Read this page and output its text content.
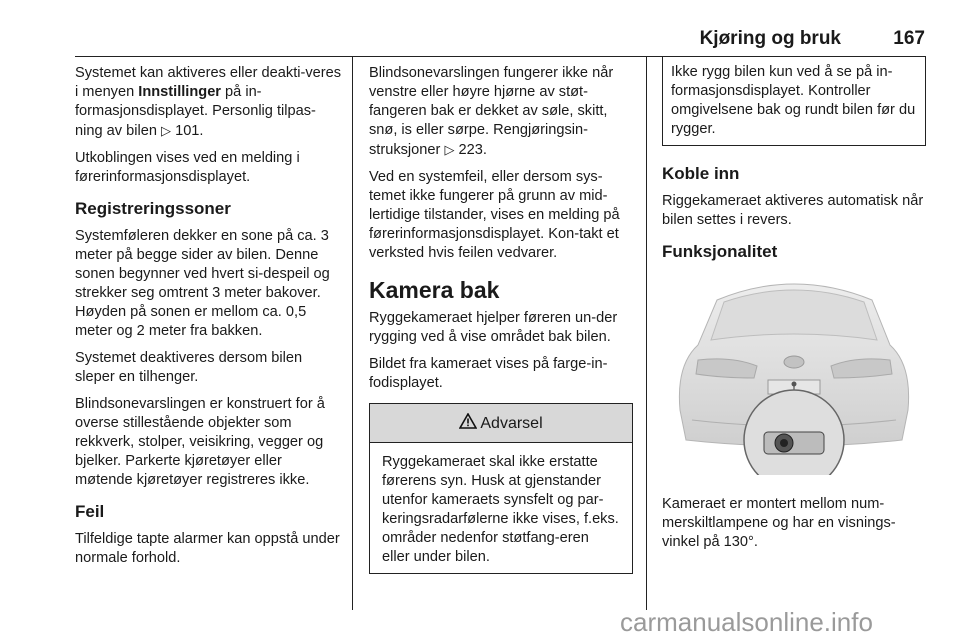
Kjøring og bruk	167

Systemet kan aktiveres eller deakti-veres i menyen Innstillinger på in-formasjonsdisplayet. Personlig tilpas-ning av bilen ▷ 101.

Utkoblingen vises ved en melding i førerinformasjonsdisplayet.

Registreringssoner

Systemføleren dekker en sone på ca. 3 meter på begge sider av bilen. Denne sonen begynner ved hvert si-despeil og strekker seg omtrent 3 meter bakover. Høyden på sonen er mellom ca. 0,5 meter og 2 meter fra bakken.

Systemet deaktiveres dersom bilen sleper en tilhenger.

Blindsonevarslingen er konstruert for å overse stillestående objekter som rekkverk, stolper, veisikring, vegger og bjelker. Parkerte kjøretøyer eller møtende kjøretøyer registreres ikke.

Feil

Tilfeldige tapte alarmer kan oppstå under normale forhold.

Blindsonevarslingen fungerer ikke når venstre eller høyre hjørne av støt-fangeren bak er dekket av søle, skitt, snø, is eller sørpe. Rengjøringsin-struksjoner ▷ 223.

Ved en systemfeil, eller dersom sys-temet ikke fungerer på grunn av mid-lertidige tilstander, vises en melding på førerinformasjonsdisplayet. Kon-takt et verksted hvis feilen vedvarer.

Kamera bak

Ryggekameraet hjelper føreren un-der rygging ved å vise området bak bilen.

Bildet fra kameraet vises på farge-in-fodisplayet.

Advarsel
Ryggekameraet skal ikke erstatte førerens syn. Husk at gjenstander utenfor kameraets synsfelt og par-keringsradarfølerne ikke vises, f.eks. områder nedenfor støtfang-eren eller under bilen.
Ikke rygg bilen kun ved å se på in-formasjonsdisplayet. Kontroller omgivelsene bak og rundt bilen før du rygger.
Koble inn

Riggekameraet aktiveres automatisk når bilen settes i revers.

Funksjonalitet

Kameraet er montert mellom num-merskiltlampene og har en visnings-vinkel på 130°.

carmanualsonline.info
